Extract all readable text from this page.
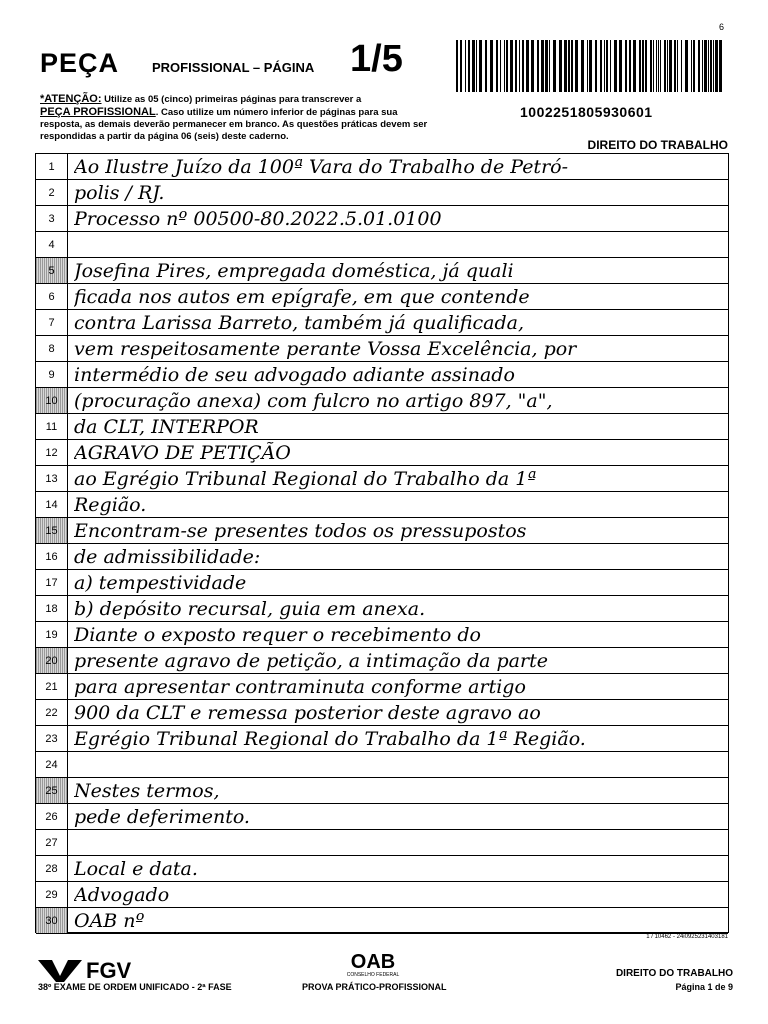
6
PEÇA	PROFISSIONAL – PÁGINA 1/5
1002251805930601
*ATENÇÃO: Utilize as 05 (cinco) primeiras páginas para transcrever a
PEÇA PROFISSIONAL. Caso utilize um número inferior de páginas para sua resposta, as demais deverão permanecer em branco. As questões práticas devem ser respondidas a partir da página 06 (seis) deste caderno.
DIREITO DO TRABALHO
1	Ao Ilustre Juízo da 100ª Vara do Trabalho de Petró-
2	polis / RJ.
3	Processo nº 00500-80.2022.5.01.0100
4
5	Josefina Pires, empregada doméstica, já quali
6	ficada nos autos em epígrafe, em que contende
7	contra Larissa Barreto, também já qualificada,
8	vem respeitosamente perante Vossa Excelência, por
9	intermédio de seu advogado adiante assinado
10 (procuração anexa) com fulcro no artigo 897, "a",
11 da CLT, INTERPOR
12 AGRAVO DE PETIÇÃO
13 ao Egrégio Tribunal Regional do Trabalho da 1ª
14 Região.
15 Encontram-se presentes todos os pressupostos
16 de admissibilidade:
17 a) tempestividade
18 b) depósito recursal, guia em anexa.
19 Diante o exposto requer o recebimento do
20 presente agravo de petição, a intimação da parte
21 para apresentar contraminuta conforme artigo
22 900 da CLT e remessa posterior deste agravo ao
23 Egrégio Tribunal Regional do Trabalho da 1ª Região.
24
25 Nestes termos,
26 pede deferimento.
27
28 Local e data.
29 Advogado
30 OAB nº
1 / 10462 - 24i0925231403181
FGV
38º EXAME DE ORDEM UNIFICADO - 2ª FASE
OAB
CONSELHO FEDERAL
PROVA PRÁTICO-PROFISSIONAL
DIREITO DO TRABALHO
Página 1 de 9
